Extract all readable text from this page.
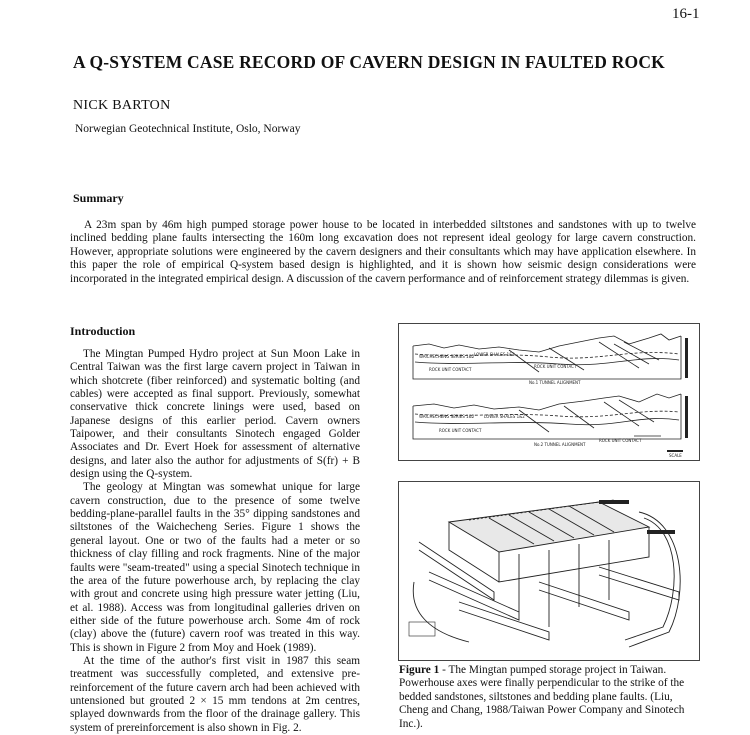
16-1
A Q-SYSTEM CASE RECORD OF CAVERN DESIGN IN FAULTED ROCK
NICK BARTON
Norwegian Geotechnical Institute, Oslo, Norway
Summary

A 23m span by 46m high pumped storage power house to be located in interbedded siltstones and sandstones with up to twelve inclined bedding plane faults intersecting the 160m long excavation does not represent ideal geology for large cavern construction. However, appropriate solutions were engineered by the cavern designers and their consultants which may have application elsewhere. In this paper the role of empirical Q-system based design is highlighted, and it is shown how seismic design considerations were incorporated in the integrated empirical design. A discussion of the cavern performance and of reinforcement strategy dilemmas is given.

Introduction

The Mingtan Pumped Hydro project at Sun Moon Lake in Central Taiwan was the first large cavern project in Taiwan in which shotcrete (fiber reinforced) and systematic bolting (and cables) were accepted as final support. Previously, somewhat conservative thick concrete linings were used, based on Japanese designs of this earlier period. Cavern owners Taipower, and their consultants Sinotech engaged Golder Associates and Dr. Evert Hoek for assessment of alternative designs, and later also the author for adjustments of S(fr) + B design using the Q-system.

The geology at Mingtan was somewhat unique for large cavern construction, due to the presence of some twelve bedding-plane-parallel faults in the 35° dipping sandstones and siltstones of the Waichecheng Series. Figure 1 shows the general layout. One or two of the faults had a meter or so thickness of clay filling and rock fragments. Nine of the major faults were "seam-treated" using a special Sinotech technique in the area of the future powerhouse arch, by replacing the clay with grout and concrete using high pressure water jetting (Liu, et al. 1988). Access was from longitudinal galleries driven on either side of the future powerhouse arch. Some 4m of rock (clay) above the (future) cavern roof was treated in this way. This is shown in Figure 2 from Moy and Hoek (1989).

At the time of the author's first visit in 1987 this seam treatment was successfully completed, and extensive pre-reinforcement of the future cavern arch had been achieved with untensioned but grouted 2 × 15 mm tendons at 2m centres, splayed downwards from the floor of the drainage gallery. This system of prereinforcement is also shown in Fig. 2.

WAICHECHENG SERIES 1&2 LOWER SHALES 1&2
ROCK UNIT CONTACT
ROCK UNIT CONTACT
No.1 TUNNEL ALIGNMENT
WAICHECHENG SERIES 1&2 LOWER SHALES 1&2
ROCK UNIT CONTACT
ROCK UNIT CONTACT
No.2 TUNNEL ALIGNMENT
SCALE

Figure 1 - The Mingtan pumped storage project in Taiwan. Powerhouse axes were finally perpendicular to the strike of the bedded sandstones, siltstones and bedding plane faults. (Liu, Cheng and Chang, 1988/Taiwan Power Company and Sinotech Inc.).
